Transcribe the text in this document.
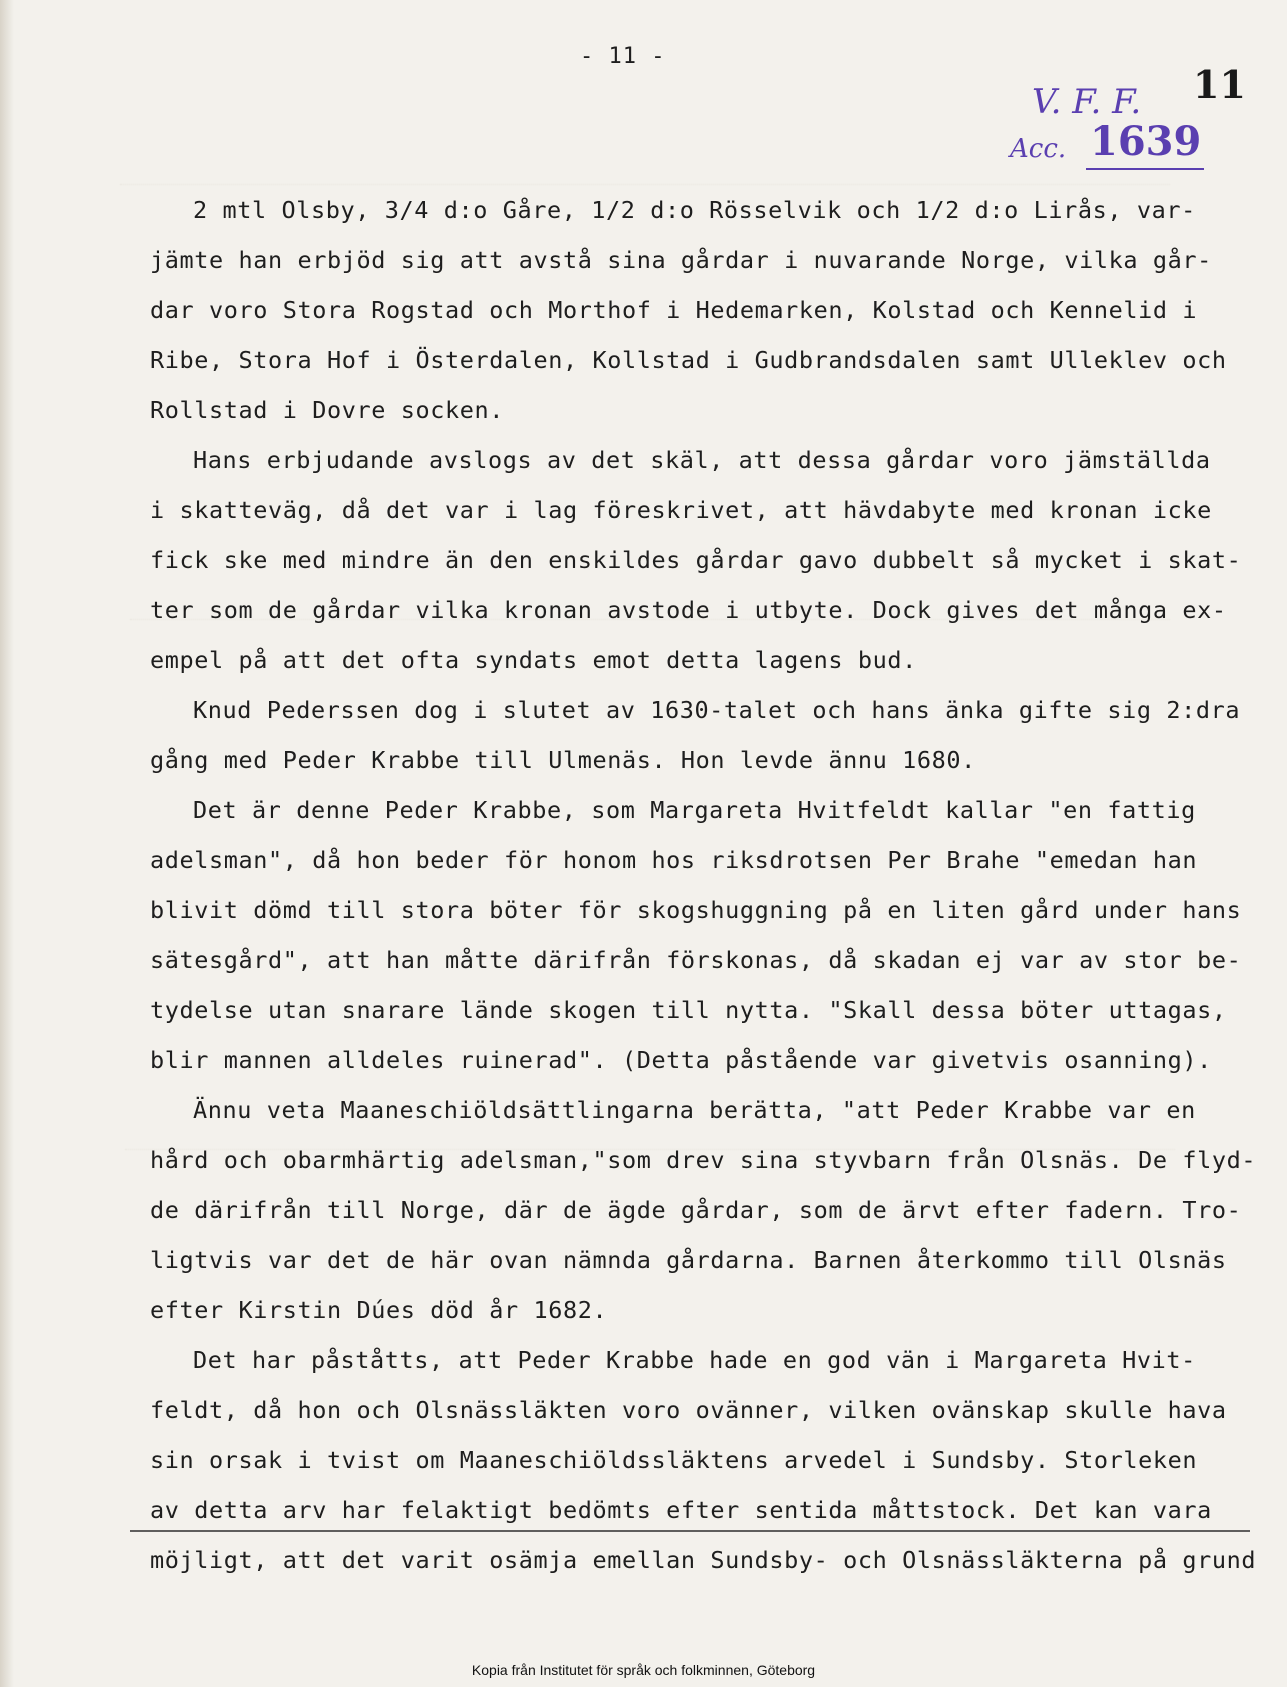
- 11 -
11
V. F. F.
Acc. 1639
2 mtl Olsby, 3/4 d:o Gåre, 1/2 d:o Rösselvik och 1/2 d:o Lirås, var-
jämte han erbjöd sig att avstå sina gårdar i nuvarande Norge, vilka går-
dar voro Stora Rogstad och Morthof i Hedemarken, Kolstad och Kennelid i
Ribe, Stora Hof i Österdalen, Kollstad i Gudbrandsdalen samt Ulleklev och
Rollstad i Dovre socken.
Hans erbjudande avslogs av det skäl, att dessa gårdar voro jämställda
i skatteväg, då det var i lag föreskrivet, att hävdabyte med kronan icke
fick ske med mindre än den enskildes gårdar gavo dubbelt så mycket i skat-
ter som de gårdar vilka kronan avstode i utbyte. Dock gives det många ex-
empel på att det ofta syndats emot detta lagens bud.
Knud Pederssen dog i slutet av 1630-talet och hans änka gifte sig 2:dra
gång med Peder Krabbe till Ulmenäs. Hon levde ännu 1680.
Det är denne Peder Krabbe, som Margareta Hvitfeldt kallar "en fattig
adelsman", då hon beder för honom hos riksdrotsen Per Brahe "emedan han
blivit dömd till stora böter för skogshuggning på en liten gård under hans
sätesgård", att han måtte därifrån förskonas, då skadan ej var av stor be-
tydelse utan snarare lände skogen till nytta. "Skall dessa böter uttagas,
blir mannen alldeles ruinerad". (Detta påstående var givetvis osanning).
Ännu veta Maaneschiöldsättlingarna berätta, "att Peder Krabbe var en
hård och obarmhärtig adelsman,"som drev sina styvbarn från Olsnäs. De flyd-
de därifrån till Norge, där de ägde gårdar, som de ärvt efter fadern. Tro-
ligtvis var det de här ovan nämnda gårdarna. Barnen återkommo till Olsnäs
efter Kirstin Dúes död år 1682.
Det har påståtts, att Peder Krabbe hade en god vän i Margareta Hvit-
feldt, då hon och Olsnässläkten voro ovänner, vilken ovänskap skulle hava
sin orsak i tvist om Maaneschiöldssläktens arvedel i Sundsby. Storleken
av detta arv har felaktigt bedömts efter sentida måttstock. Det kan vara
möjligt, att det varit osämja emellan Sundsby- och Olsnässläkterna på grund
Kopia från Institutet för språk och folkminnen, Göteborg
